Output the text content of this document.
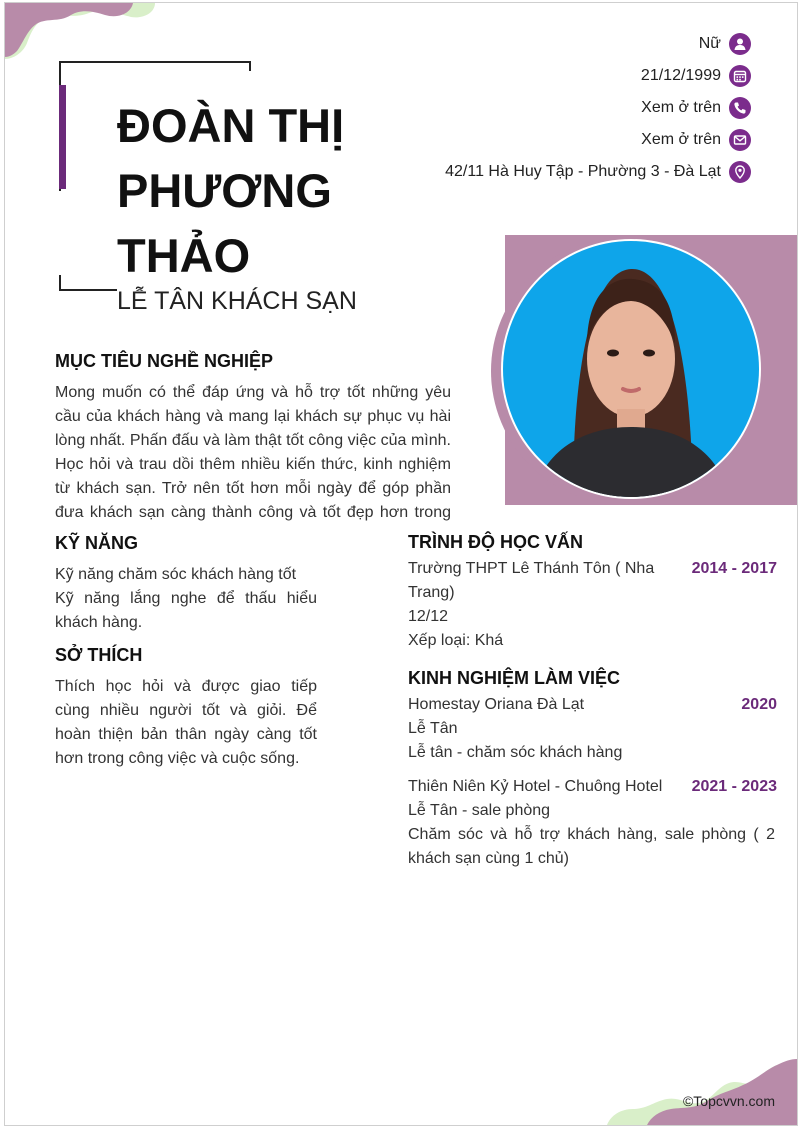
ĐOÀN THỊ
PHƯƠNG
THẢO
LỄ TÂN KHÁCH SẠN
Nữ
21/12/1999
Xem ở trên
Xem ở trên
42/11 Hà Huy Tập - Phường 3 - Đà Lạt
MỤC TIÊU NGHỀ NGHIỆP
Mong muốn có thể đáp ứng và hỗ trợ tốt những yêu cầu của khách hàng và mang lại khách sự phục vụ hài lòng nhất. Phấn đấu và làm thật tốt công việc của mình. Học hỏi và trau dồi thêm nhiều kiến thức, kinh nghiệm từ khách sạn. Trở nên tốt hơn mỗi ngày để góp phần đưa khách sạn càng thành công và tốt đẹp hơn trong
KỸ NĂNG
Kỹ năng chăm sóc khách hàng tốt
Kỹ năng lắng nghe để thấu hiểu khách hàng.
SỞ THÍCH
Thích học hỏi và được giao tiếp cùng nhiều người tốt và giỏi. Để hoàn thiện bản thân ngày càng tốt hơn trong công việc và cuộc sống.
TRÌNH ĐỘ HỌC VẤN
Trường THPT Lê Thánh Tôn ( Nha Trang)
2014 - 2017
12/12
Xếp loại: Khá
KINH NGHIỆM LÀM VIỆC
Homestay Oriana Đà Lạt	2020
Lễ Tân
Lễ tân - chăm sóc khách hàng
Thiên Niên Kỷ Hotel - Chuông Hotel	2021 - 2023
Lễ Tân - sale phòng
Chăm sóc và hỗ trợ khách hàng, sale phòng ( 2 khách sạn cùng 1 chủ)
©Topcvvn.com
